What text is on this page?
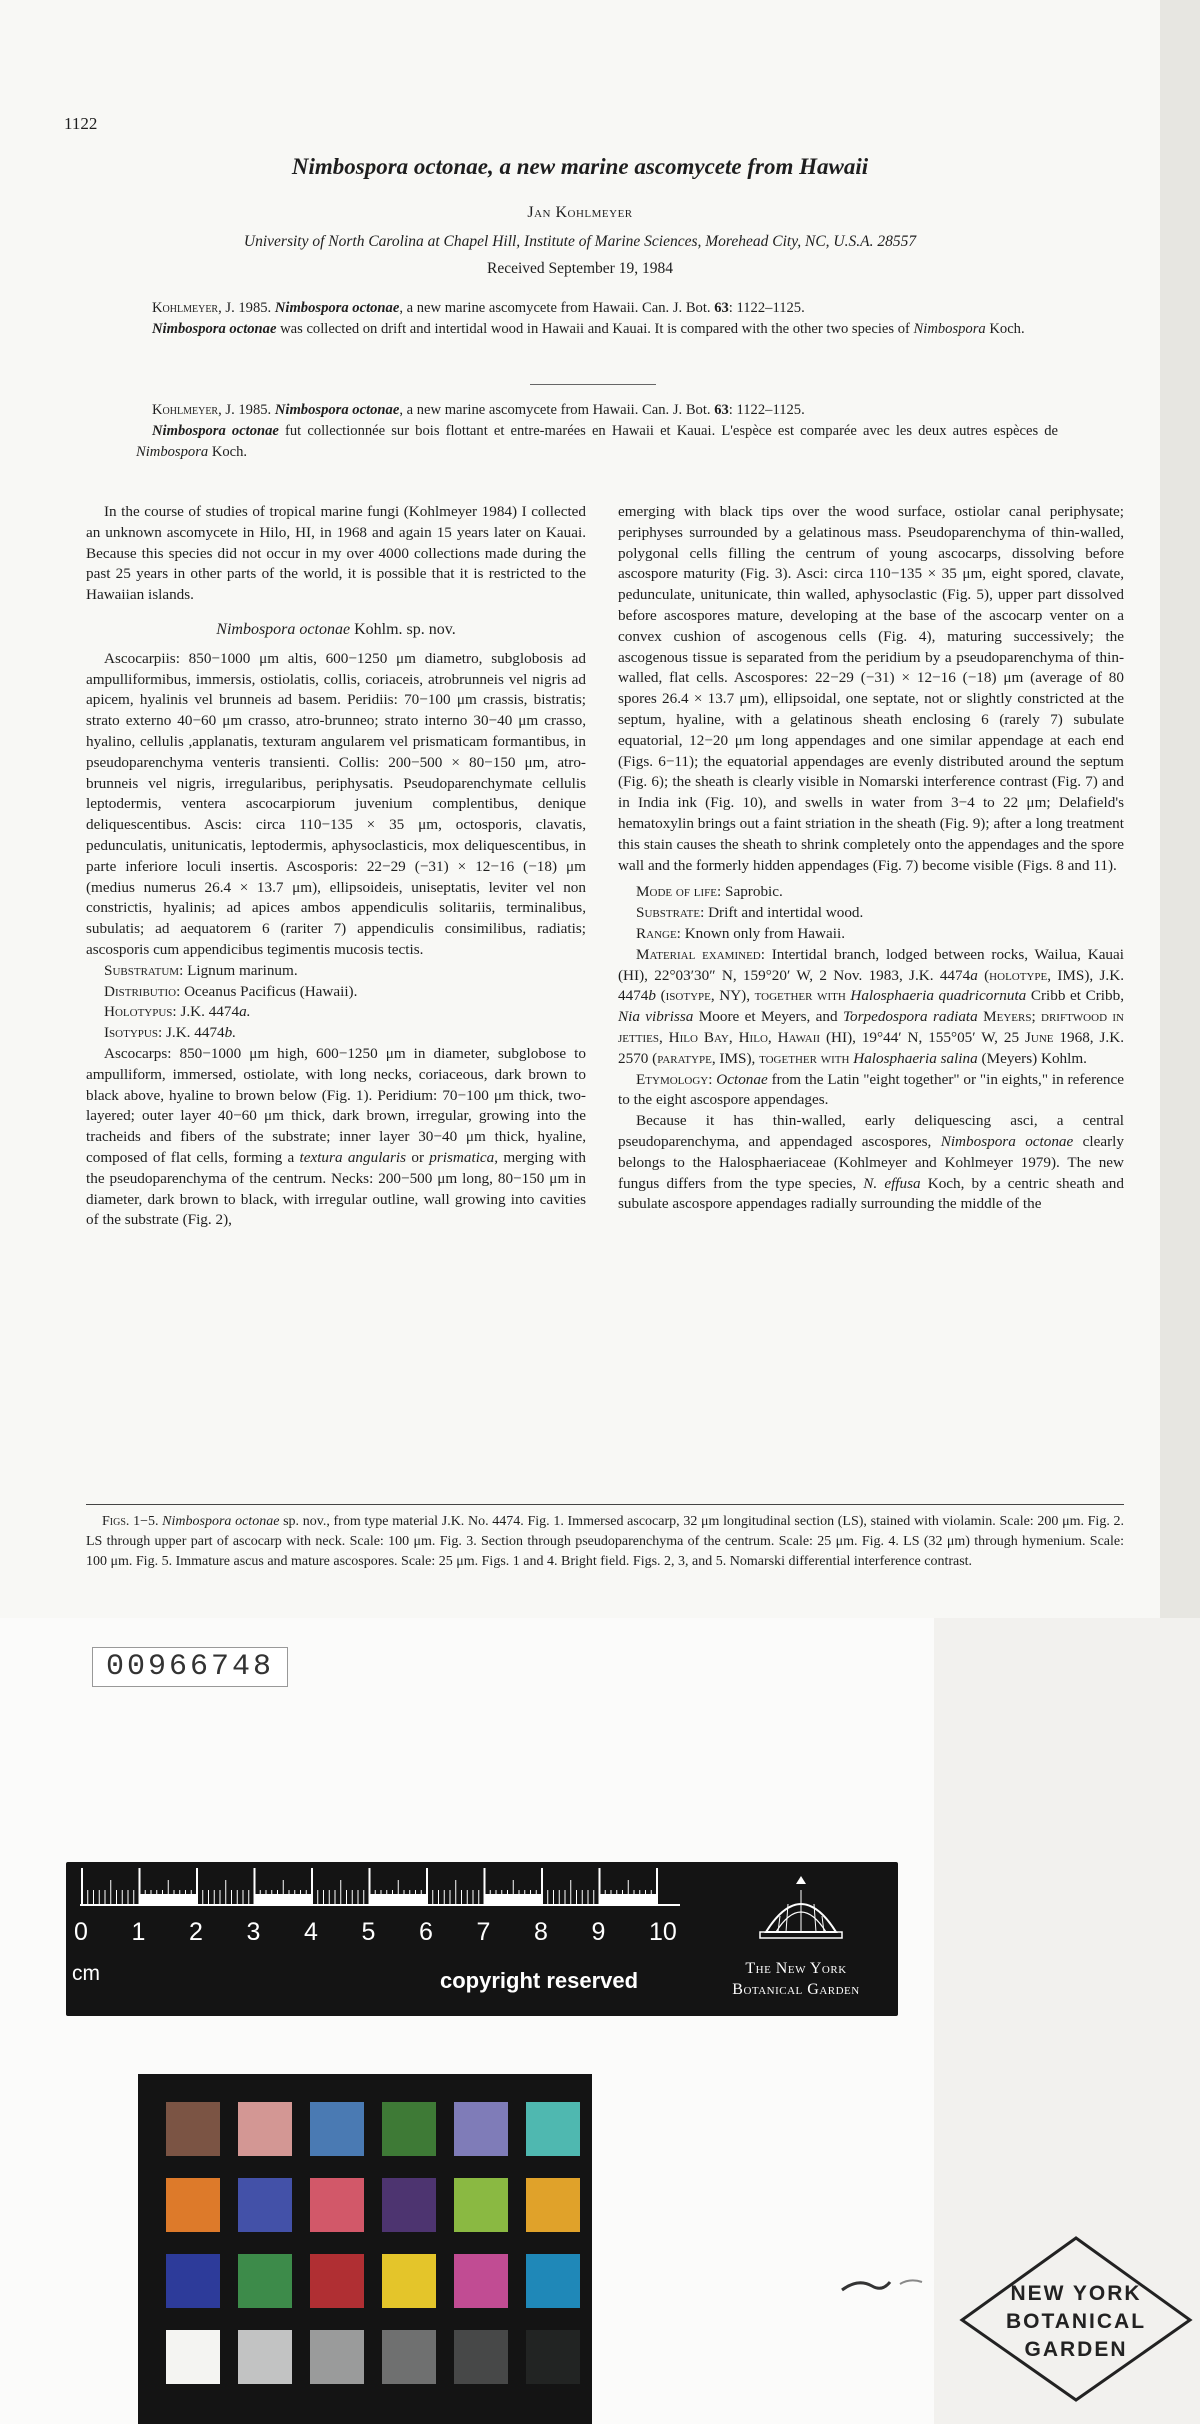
1122
Nimbospora octonae, a new marine ascomycete from Hawaii
Jan Kohlmeyer
University of North Carolina at Chapel Hill, Institute of Marine Sciences, Morehead City, NC, U.S.A. 28557
Received September 19, 1984
Kohlmeyer, J. 1985. Nimbospora octonae, a new marine ascomycete from Hawaii. Can. J. Bot. 63: 1122–1125.
Nimbospora octonae was collected on drift and intertidal wood in Hawaii and Kauai. It is compared with the other two species of Nimbospora Koch.
Kohlmeyer, J. 1985. Nimbospora octonae, a new marine ascomycete from Hawaii. Can. J. Bot. 63: 1122–1125.
Nimbospora octonae fut collectionnée sur bois flottant et entre-marées en Hawaii et Kauai. L'espèce est comparée avec les deux autres espèces de Nimbospora Koch.

In the course of studies of tropical marine fungi (Kohlmeyer 1984) I collected an unknown ascomycete in Hilo, HI, in 1968 and again 15 years later on Kauai. Because this species did not occur in my over 4000 collections made during the past 25 years in other parts of the world, it is possible that it is restricted to the Hawaiian islands.

Nimbospora octonae Kohlm. sp. nov.

Ascocarpiis: 850−1000 μm altis, 600−1250 μm diametro, subglobosis ad ampulliformibus, immersis, ostiolatis, collis, coriaceis, atrobrunneis vel nigris ad apicem, hyalinis vel brunneis ad basem. Peridiis: 70−100 μm crassis, bistratis; strato externo 40−60 μm crasso, atro-brunneo; strato interno 30−40 μm crasso, hyalino, cellulis ,applanatis, texturam angularem vel prismaticam formantibus, in pseudoparenchyma venteris transienti. Collis: 200−500 × 80−150 μm, atro-brunneis vel nigris, irregularibus, periphysatis. Pseudoparenchymate cellulis leptodermis, ventera ascocarpiorum juvenium complentibus, denique deliquescentibus. Ascis: circa 110−135 × 35 μm, octosporis, clavatis, pedunculatis, unitunicatis, leptodermis, aphysoclasticis, mox deliquescentibus, in parte inferiore loculi insertis. Ascosporis: 22−29 (−31) × 12−16 (−18) μm (medius numerus 26.4 × 13.7 μm), ellipsoideis, uniseptatis, leviter vel non constrictis, hyalinis; ad apices ambos appendiculis solitariis, terminalibus, subulatis; ad aequatorem 6 (rariter 7) appendiculis consimilibus, radiatis; ascosporis cum appendicibus tegimentis mucosis tectis.

Substratum: Lignum marinum.

Distributio: Oceanus Pacificus (Hawaii).

Holotypus: J.K. 4474a.

Isotypus: J.K. 4474b.

Ascocarps: 850−1000 μm high, 600−1250 μm in diameter, subglobose to ampulliform, immersed, ostiolate, with long necks, coriaceous, dark brown to black above, hyaline to brown below (Fig. 1). Peridium: 70−100 μm thick, two-layered; outer layer 40−60 μm thick, dark brown, irregular, growing into the tracheids and fibers of the substrate; inner layer 30−40 μm thick, hyaline, composed of flat cells, forming a textura angularis or prismatica, merging with the pseudoparenchyma of the centrum. Necks: 200−500 μm long, 80−150 μm in diameter, dark brown to black, with irregular outline, wall growing into cavities of the substrate (Fig. 2),

emerging with black tips over the wood surface, ostiolar canal periphysate; periphyses surrounded by a gelatinous mass. Pseudoparenchyma of thin-walled, polygonal cells filling the centrum of young ascocarps, dissolving before ascospore maturity (Fig. 3). Asci: circa 110−135 × 35 μm, eight spored, clavate, pedunculate, unitunicate, thin walled, aphysoclastic (Fig. 5), upper part dissolved before ascospores mature, developing at the base of the ascocarp venter on a convex cushion of ascogenous cells (Fig. 4), maturing successively; the ascogenous tissue is separated from the peridium by a pseudoparenchyma of thin-walled, flat cells. Ascospores: 22−29 (−31) × 12−16 (−18) μm (average of 80 spores 26.4 × 13.7 μm), ellipsoidal, one septate, not or slightly constricted at the septum, hyaline, with a gelatinous sheath enclosing 6 (rarely 7) subulate equatorial, 12−20 μm long appendages and one similar appendage at each end (Figs. 6−11); the equatorial appendages are evenly distributed around the septum (Fig. 6); the sheath is clearly visible in Nomarski interference contrast (Fig. 7) and in India ink (Fig. 10), and swells in water from 3−4 to 22 μm; Delafield's hematoxylin brings out a faint striation in the sheath (Fig. 9); after a long treatment this stain causes the sheath to shrink completely onto the appendages and the spore wall and the formerly hidden appendages (Fig. 7) become visible (Figs. 8 and 11).

Mode of life: Saprobic.

Substrate: Drift and intertidal wood.

Range: Known only from Hawaii.

Material examined: Intertidal branch, lodged between rocks, Wailua, Kauai (HI), 22°03′30″ N, 159°20′ W, 2 Nov. 1983, J.K. 4474a (holotype, IMS), J.K. 4474b (isotype, NY), together with Halosphaeria quadricornuta Cribb et Cribb, Nia vibrissa Moore et Meyers, and Torpedospora radiata Meyers; driftwood in jetties, Hilo Bay, Hilo, Hawaii (HI), 19°44′ N, 155°05′ W, 25 June 1968, J.K. 2570 (paratype, IMS), together with Halosphaeria salina (Meyers) Kohlm.

Etymology: Octonae from the Latin "eight together" or "in eights," in reference to the eight ascospore appendages.

Because it has thin-walled, early deliquescing asci, a central pseudoparenchyma, and appendaged ascospores, Nimbospora octonae clearly belongs to the Halosphaeriaceae (Kohlmeyer and Kohlmeyer 1979). The new fungus differs from the type species, N. effusa Koch, by a centric sheath and subulate ascospore appendages radially surrounding the middle of the

Figs. 1−5. Nimbospora octonae sp. nov., from type material J.K. No. 4474. Fig. 1. Immersed ascocarp, 32 μm longitudinal section (LS), stained with violamin. Scale: 200 μm. Fig. 2. LS through upper part of ascocarp with neck. Scale: 100 μm. Fig. 3. Section through pseudoparenchyma of the centrum. Scale: 25 μm. Fig. 4. LS (32 μm) through hymenium. Scale: 100 μm. Fig. 5. Immature ascus and mature ascospores. Scale: 25 μm. Figs. 1 and 4. Bright field. Figs. 2, 3, and 5. Nomarski differential interference contrast.
00966748
0 1 2 3 4 5 6 7 8 9 10
cm	copyright reserved	The New York
Botanical Garden
NEW YORK
BOTANICAL
GARDEN
